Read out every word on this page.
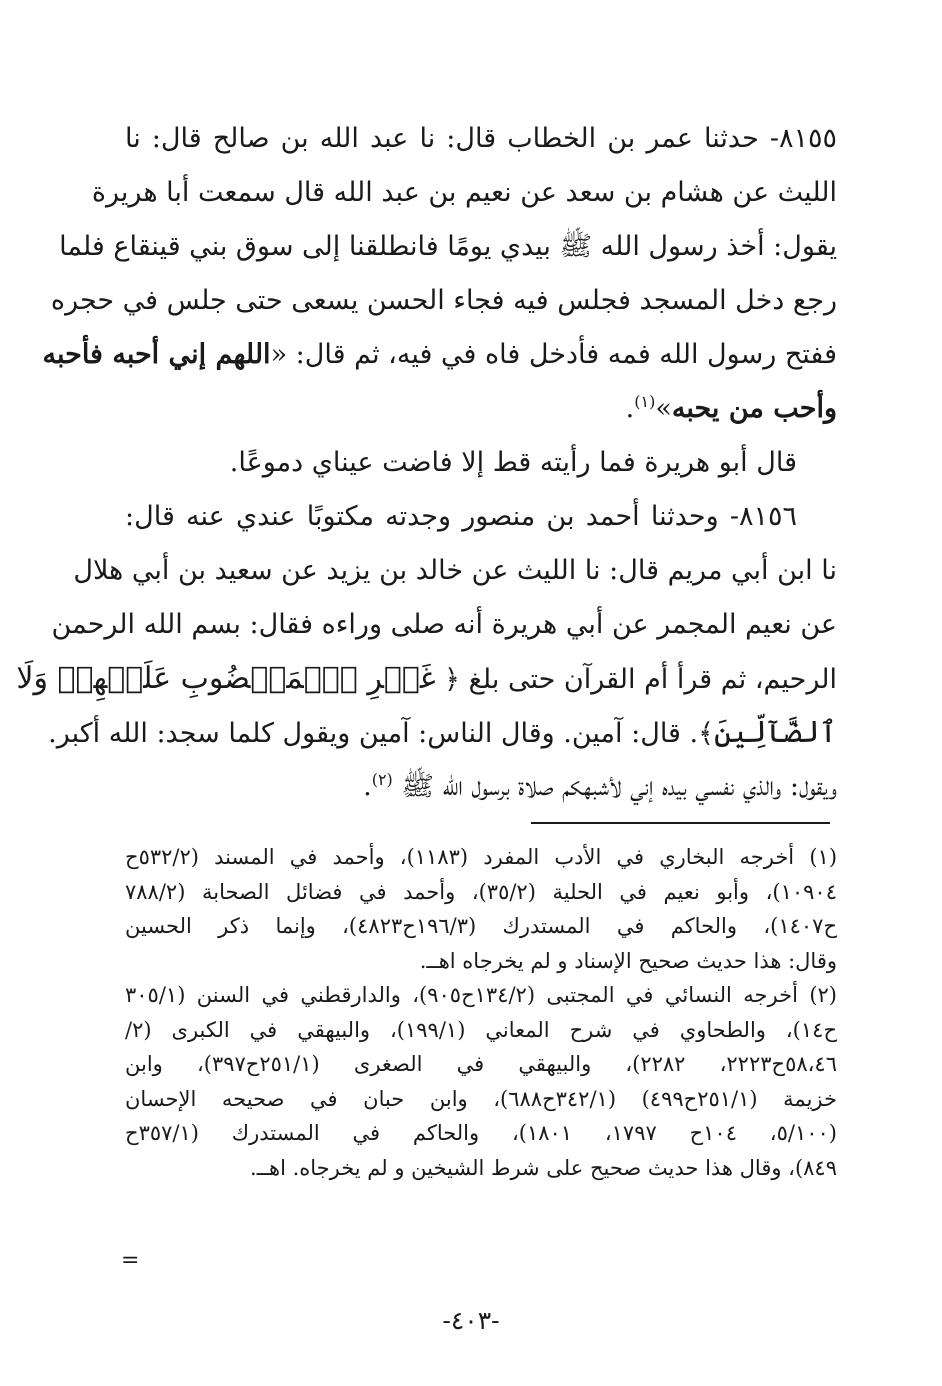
٨١٥٥- حدثنا عمر بن الخطاب قال: نا عبد الله بن صالح قال: نا
الليث عن هشام بن سعد عن نعيم بن عبد الله قال سمعت أبا هريرة
يقول: أخذ رسول الله ﷺ بيدي يومًا فانطلقنا إلى سوق بني قينقاع فلما
رجع دخل المسجد فجلس فيه فجاء الحسن يسعى حتى جلس في حجره
ففتح رسول الله فمه فأدخل فاه في فيه، ثم قال: «اللهم إني أحبه فأحبه
وأحب من يحبه»$^{(١)}$.
قال أبو هريرة فما رأيته قط إلا فاضت عيناي دموعًا.
٨١٥٦- وحدثنا أحمد بن منصور وجدته مكتوبًا عندي عنه قال:
نا ابن أبي مريم قال: نا الليث عن خالد بن يزيد عن سعيد بن أبي هلال
عن نعيم المجمر عن أبي هريرة أنه صلى وراءه فقال: بسم الله الرحمن
الرحيم، ثم قرأ أم القرآن حتى بلغ ﴿ غَيۡرِ ٱلۡمَغۡضُوبِ عَلَيۡهِمۡ وَلَا
ٱلضَّآلِّينَ﴾. قال: آمين. وقال الناس: آمين ويقول كلما سجد: الله أكبر.
ويقول: والذي نفسي بيده إني لأشبهكم صلاة برسول الله ﷺ $^{(٢)}$.
(١) أخرجه البخاري في الأدب المفرد (١١٨٣)، وأحمد في المسند (٥٣٢/٢ح
١٠٩٠٤)، وأبو نعيم في الحلية (٣٥/٢)، وأحمد في فضائل الصحابة (٧٨٨/٢
ح١٤٠٧)، والحاكم في المستدرك (١٩٦/٣ح٤٨٢٣)، وإنما ذكر الحسين
وقال: هذا حديث صحيح الإسناد و لم يخرجاه اهــ.
(٢) أخرجه النسائي في المجتبى (١٣٤/٢ح٩٠٥)، والدارقطني في السنن (٣٠٥/١
ح١٤)، والطحاوي في شرح المعاني (١٩٩/١)، والبيهقي في الكبرى (٢/
٥٨،٤٦ح٢٢٢٣، ٢٢٨٢)، والبيهقي في الصغرى (٢٥١/١ح٣٩٧)، وابن
خزيمة (٢٥١/١ح٤٩٩) (٣٤٢/١ح٦٨٨)، وابن حبان في صحيحه الإحسان
(٥/١٠٠، ١٠٤ح ١٧٩٧، ١٨٠١)، والحاكم في المستدرك (٣٥٧/١ح
٨٤٩)، وقال هذا حديث صحيح على شرط الشيخين و لم يخرجاه. اهــ.
=
-٤٠٣-
